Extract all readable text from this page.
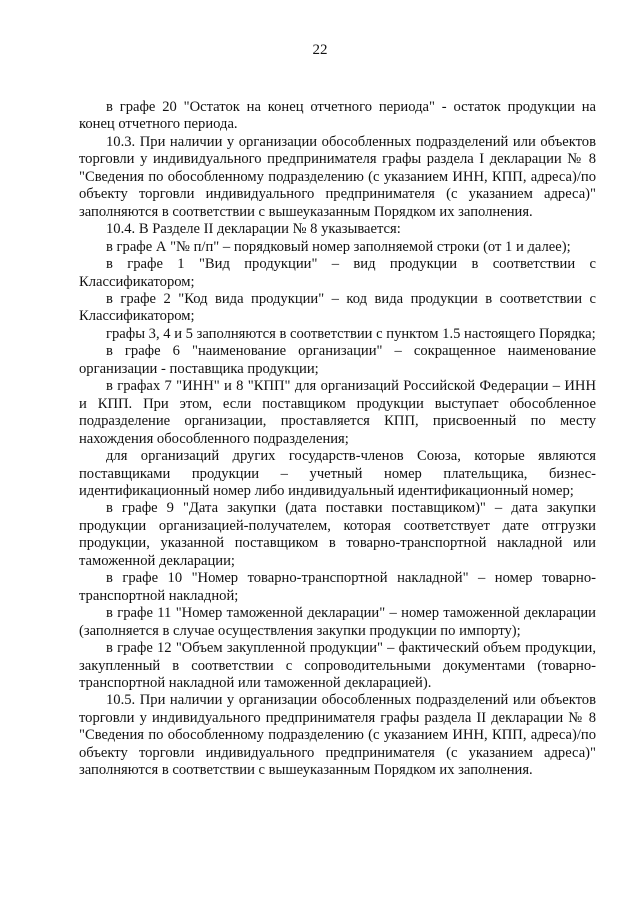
22

в графе 20 "Остаток на конец отчетного периода" - остаток продукции на конец отчетного периода.

10.3. При наличии у организации обособленных подразделений или объектов торговли у индивидуального предпринимателя графы раздела I декларации № 8 "Сведения по обособленному подразделению (с указанием ИНН, КПП, адреса)/по объекту торговли индивидуального предпринимателя (с указанием адреса)" заполняются в соответствии с вышеуказанным Порядком их заполнения.

10.4. В Разделе II декларации № 8 указывается:

в графе А "№ п/п" – порядковый номер заполняемой строки (от 1 и далее);

в графе 1 "Вид продукции" – вид продукции в соответствии с Классификатором;

в графе 2 "Код вида продукции" – код вида продукции в соответствии с Классификатором;

графы 3, 4 и 5 заполняются в соответствии с пунктом 1.5 настоящего Порядка;

в графе 6 "наименование организации" – сокращенное наименование организации - поставщика продукции;

в графах 7 "ИНН" и 8 "КПП" для организаций Российской Федерации – ИНН и КПП. При этом, если поставщиком продукции выступает обособленное подразделение организации, проставляется КПП, присвоенный по месту нахождения обособленного подразделения;

для организаций других государств-членов Союза, которые являются поставщиками продукции – учетный номер плательщика, бизнес-идентификационный номер либо индивидуальный идентификационный номер;

в графе 9 "Дата закупки (дата поставки поставщиком)" – дата закупки продукции организацией-получателем, которая соответствует дате отгрузки продукции, указанной поставщиком в товарно-транспортной накладной или таможенной декларации;

в графе 10 "Номер товарно-транспортной накладной" – номер товарно-транспортной накладной;

в графе 11 "Номер таможенной декларации" – номер таможенной декларации (заполняется в случае осуществления закупки продукции по импорту);

в графе 12 "Объем закупленной продукции" – фактический объем продукции, закупленный в соответствии с сопроводительными документами (товарно-транспортной накладной или таможенной декларацией).

10.5. При наличии у организации обособленных подразделений или объектов торговли у индивидуального предпринимателя графы раздела II декларации № 8 "Сведения по обособленному подразделению (с указанием ИНН, КПП, адреса)/по объекту торговли индивидуального предпринимателя (с указанием адреса)" заполняются в соответствии с вышеуказанным Порядком их заполнения.
